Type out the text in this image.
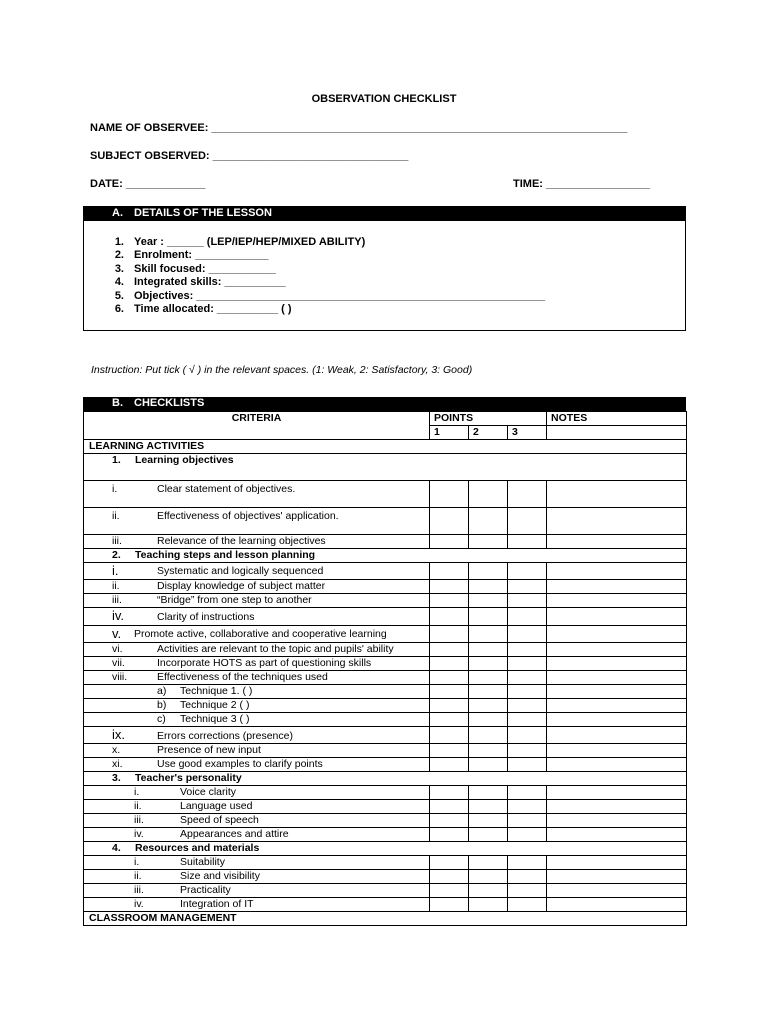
OBSERVATION CHECKLIST
NAME OF OBSERVEE: ____________________________________________________________________
SUBJECT OBSERVED: ________________________________
DATE: _____________	TIME: _________________
A. DETAILS OF THE LESSON
1. Year : ______ (LEP/IEP/HEP/MIXED ABILITY)
2. Enrolment: ____________
3. Skill focused: ___________
4. Integrated skills: __________
5. Objectives: _________________________________________________________
6. Time allocated: __________ ( )
Instruction: Put tick ( √ ) in the relevant spaces. (1: Weak, 2: Satisfactory, 3: Good)
B. CHECKLISTS
CRITERIA	POINTS			NOTES
	1	2	3	
LEARNING ACTIVITIES				

1. Learning objectives				

i. Clear statement of objectives.				

ii. Effectiveness of objectives' application.				

iii. Relevance of the learning objectives				

2. Teaching steps and lesson planning				

i. Systematic and logically sequenced				

ii. Display knowledge of subject matter				

iii. “Bridge” from one step to another				

iv. Clarity of instructions				

v. Promote active, collaborative and cooperative learning				

vi. Activities are relevant to the topic and pupils' ability				

vii. Incorporate HOTS as part of questioning skills				

viii. Effectiveness of the techniques used				

a) Technique 1. ( )				

b) Technique 2 ( )				

c) Technique 3 ( )				

ix. Errors corrections (presence)				

x. Presence of new input				

xi. Use good examples to clarify points				

3. Teacher's personality				

i. Voice clarity				

ii. Language used				

iii. Speed of speech				

iv. Appearances and attire				

4. Resources and materials				

i. Suitability				

ii. Size and visibility				

iii. Practicality				

iv. Integration of IT				

CLASSROOM MANAGEMENT				
